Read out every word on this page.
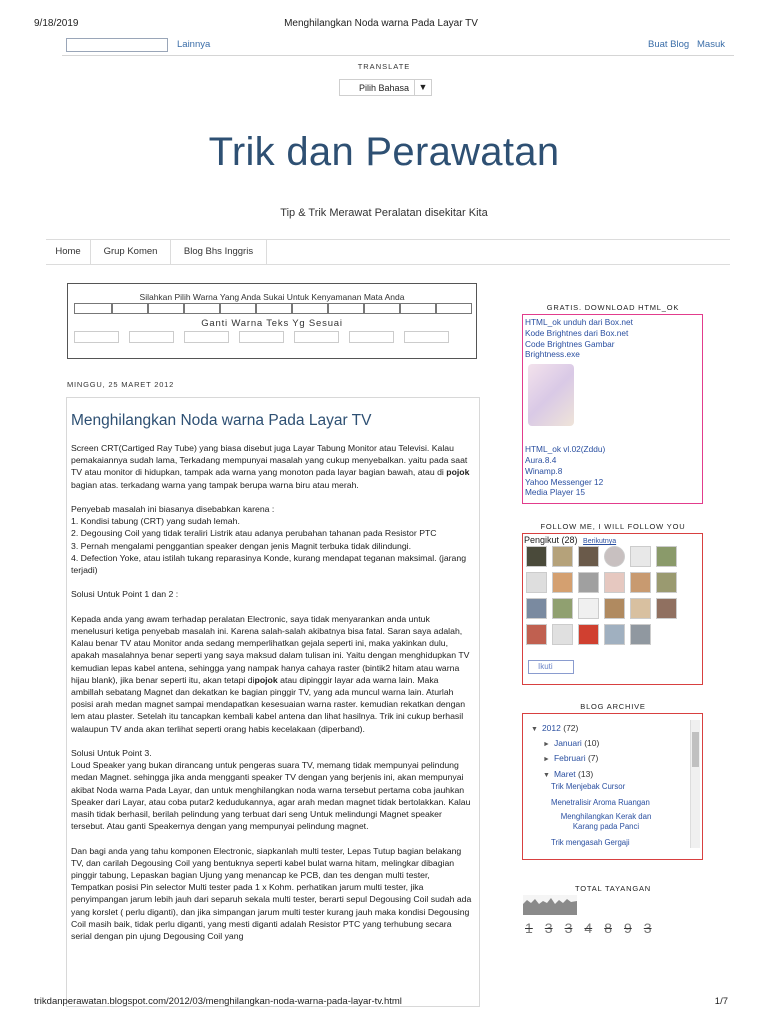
9/18/2019	Menghilangkan Noda warna Pada Layar TV
Lainnya	Buat Blog Masuk
TRANSLATE
Pilih Bahasa	▼
Trik dan Perawatan
Tip & Trik Merawat Peralatan disekitar Kita
Home	Grup Komen	Blog Bhs Inggris
Silahkan Pilih Warna Yang Anda Sukai Untuk Kenyamanan Mata Anda
Ganti Warna Teks Yg Sesuai
MINGGU, 25 MARET 2012
Menghilangkan Noda warna Pada Layar TV

Screen CRT(Cartiged Ray Tube) yang biasa disebut juga Layar Tabung Monitor atau Televisi. Kalau pemakaiannya sudah lama, Terkadang mempunyai masalah yang cukup menyebalkan. yaitu pada saat TV atau monitor di hidupkan, tampak ada warna yang monoton pada layar bagian bawah, atau di pojok bagian atas. terkadang warna yang tampak berupa warna biru atau merah.

Penyebab masalah ini biasanya disebabkan karena :
1. Kondisi tabung (CRT) yang sudah lemah.
2. Degousing Coil yang tidak teraliri Listrik atau adanya perubahan tahanan pada Resistor PTC
3. Pernah mengalami penggantian speaker dengan jenis Magnit terbuka tidak dilindungi.
4. Defection Yoke, atau istilah tukang reparasinya Konde, kurang mendapat teganan maksimal. (jarang terjadi)

Solusi Untuk Point 1 dan 2 :

Kepada anda yang awam terhadap peralatan Electronic, saya tidak menyarankan anda untuk menelusuri ketiga penyebab masalah ini. Karena salah-salah akibatnya bisa fatal. Saran saya adalah, Kalau benar TV atau Monitor anda sedang memperlihatkan gejala seperti ini, maka yakinkan dulu, apakah masalahnya benar seperti yang saya maksud dalam tulisan ini. Yaitu dengan menghidupkan TV kemudian lepas kabel antena, sehingga yang nampak hanya cahaya raster (bintik2 hitam atau warna hijau blank), jika benar seperti itu, akan tetapi dipojok atau dipinggir layar ada warna lain. Maka ambillah sebatang Magnet dan dekatkan ke bagian pinggir TV, yang ada muncul warna lain. Aturlah posisi arah medan magnet sampai mendapatkan kesesuaian warna raster. kemudian rekatkan dengan lem atau plaster. Setelah itu tancapkan kembali kabel antena dan lihat hasilnya. Trik ini cukup berhasil walaupun TV anda akan terlihat seperti orang habis kecelakaan (diperband).

Solusi Untuk Point 3.
Loud Speaker yang bukan dirancang untuk pengeras suara TV, memang tidak mempunyai pelindung medan Magnet. sehingga jika anda mengganti speaker TV dengan yang berjenis ini, akan mempunyai akibat Noda warna Pada Layar, dan untuk menghilangkan noda warna tersebut pertama coba jauhkan Speaker dari Layar, atau coba putar2 kedudukannya, agar arah medan magnet tidak bertolakkan. Kalau masih tidak berhasil, berilah pelindung yang terbuat dari seng Untuk melindungi Magnet speaker tersebut. Atau ganti Speakernya dengan yang mempunyai pelindung magnet.

Dan bagi anda yang tahu komponen Electronic, siapkanlah multi tester, Lepas Tutup bagian belakang TV, dan carilah Degousing Coil yang bentuknya seperti kabel bulat warna hitam, melingkar dibagian pinggir tabung, Lepaskan bagian Ujung yang menancap ke PCB, dan tes dengan multi tester, Tempatkan posisi Pin selector Multi tester pada 1 x Kohm. perhatikan jarum multi tester, jika penyimpangan jarum lebih jauh dari separuh sekala multi tester, berarti sepul Degousing Coil sudah ada yang korslet ( perlu diganti), dan jika simpangan jarum multi tester kurang jauh maka kondisi Degousing Coil masih baik, tidak perlu diganti, yang mesti diganti adalah Resistor PTC yang terhubung secara serial dengan pin ujung Degousing Coil yang

GRATIS. DOWNLOAD HTML_OK
HTML_ok unduh dari Box.net
Kode Brightnes dari Box.net
Code Brightnes Gambar
Brightness.exe
HTML_ok vl.02(Zddu)
Aura.8.4
Winamp.8
Yahoo Messenger 12
Media Player 15
FOLLOW ME, I WILL FOLLOW YOU
Pengikut (28) Berikutnya
Ikuti
BLOG ARCHIVE
▼ 2012 (72)
► Januari (10)
► Februari (7)
▼ Maret (13)
Trik Menjebak Cursor
Menetralisir Aroma Ruangan
Menghilangkan Kerak dan Karang pada Panci
Trik mengasah Gergaji
TOTAL TAYANGAN
1 3 3 4 8 9 3
trikdanperawatan.blogspot.com/2012/03/menghilangkan-noda-warna-pada-layar-tv.html	1/7
